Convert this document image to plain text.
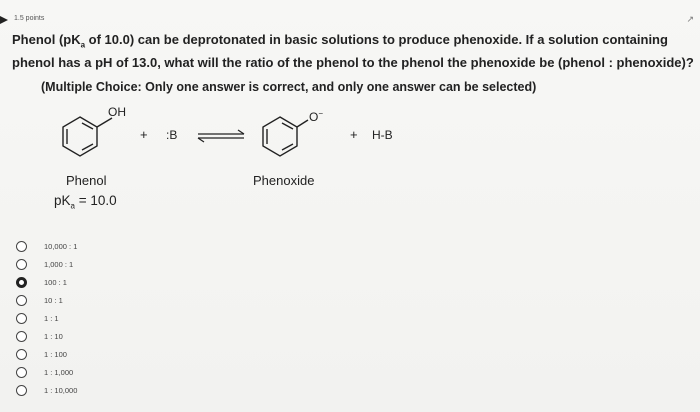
1.5 points	↗
Phenol ($pK_a$ of 10.0) can be deprotonated in basic solutions to produce phenoxide. If a solution containing phenol has a pH of 13.0, what will the ratio of the phenol to the phenol the phenoxide be (phenol : phenoxide)?
(Multiple Choice: Only one answer is correct, and only one answer can be selected)
OH
+ :B
O−
+ H-B
Phenol
$pK_a = 10.0$
Phenoxide
10,000 : 1
1,000 : 1
100 : 1
10 : 1
1 : 1
1 : 10
1 : 100
1 : 1,000
1 : 10,000
